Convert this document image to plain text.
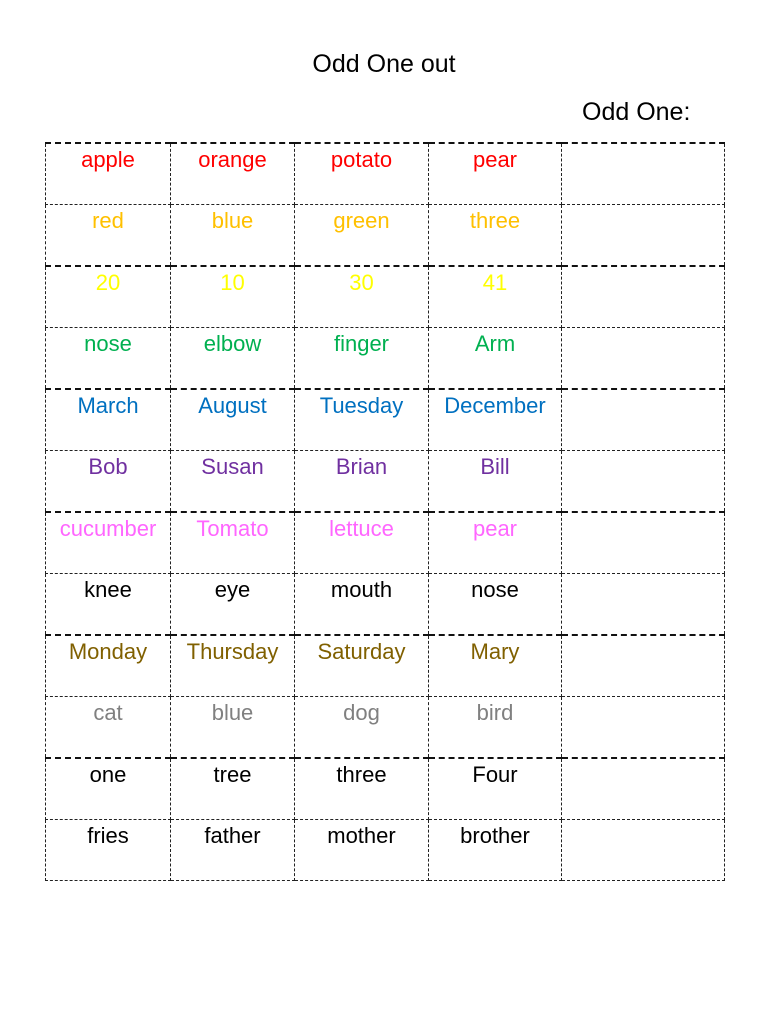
Odd One out
Odd One:
apple	orange	potato	pear	

red	blue	green	three	

20	10	30	41	

nose	elbow	finger	Arm	

March	August	Tuesday	December	

Bob	Susan	Brian	Bill	

cucumber	Tomato	lettuce	pear	

knee	eye	mouth	nose	

Monday	Thursday	Saturday	Mary	

cat	blue	dog	bird	

one	tree	three	Four	

fries	father	mother	brother	
